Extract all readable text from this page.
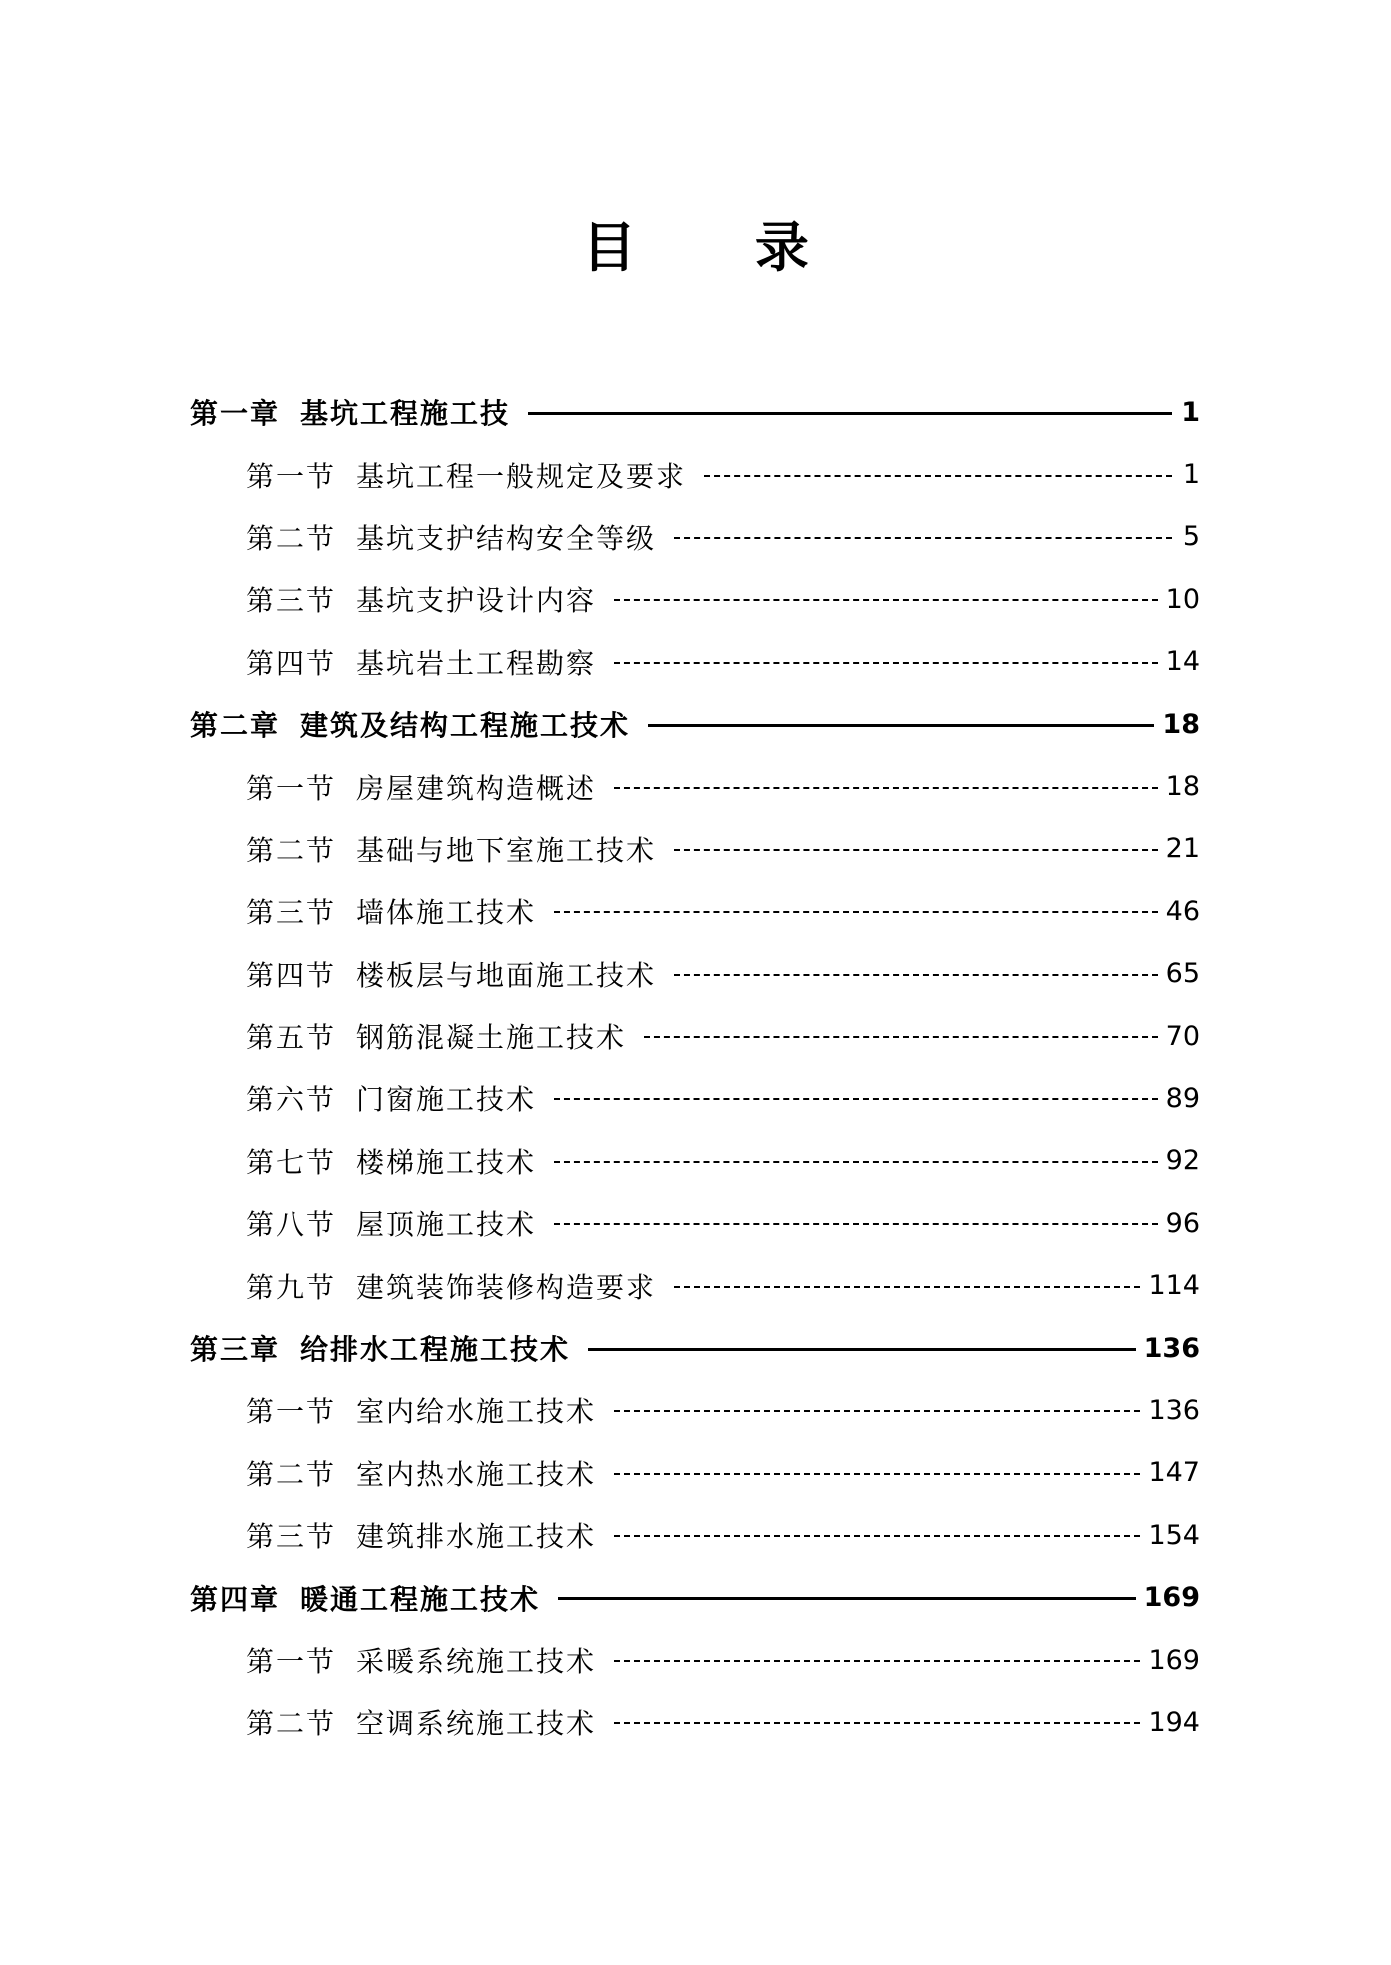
目 录
第一章 基坑工程施工技	1
第一节 基坑工程一般规定及要求	1
第二节 基坑支护结构安全等级	5
第三节 基坑支护设计内容	10
第四节 基坑岩土工程勘察	14
第二章 建筑及结构工程施工技术	18
第一节 房屋建筑构造概述	18
第二节 基础与地下室施工技术	21
第三节 墙体施工技术	46
第四节 楼板层与地面施工技术	65
第五节 钢筋混凝土施工技术	70
第六节 门窗施工技术	89
第七节 楼梯施工技术	92
第八节 屋顶施工技术	96
第九节 建筑装饰装修构造要求	114
第三章 给排水工程施工技术	136
第一节 室内给水施工技术	136
第二节 室内热水施工技术	147
第三节 建筑排水施工技术	154
第四章 暖通工程施工技术	169
第一节 采暖系统施工技术	169
第二节 空调系统施工技术	194
